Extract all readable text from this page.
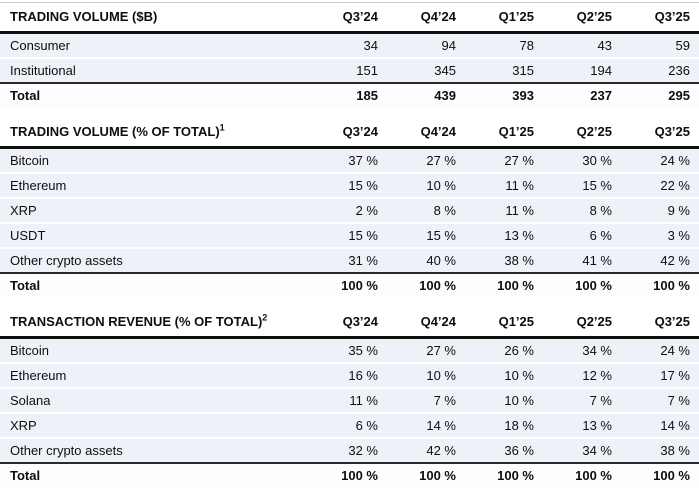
TRADING VOLUME ($B)	Q3’24	Q4’24	Q1’25	Q2’25	Q3’25
Consumer	34	94	78	43	59
Institutional	151	345	315	194	236
Total	185	439	393	237	295
TRADING VOLUME (% OF TOTAL)$^1$	Q3’24	Q4’24	Q1’25	Q2’25	Q3’25
Bitcoin	37 %	27 %	27 %	30 %	24 %
Ethereum	15 %	10 %	11 %	15 %	22 %
XRP	2 %	8 %	11 %	8 %	9 %
USDT	15 %	15 %	13 %	6 %	3 %
Other crypto assets	31 %	40 %	38 %	41 %	42 %
Total	100 %	100 %	100 %	100 %	100 %
TRANSACTION REVENUE (% OF TOTAL)$^2$	Q3’24	Q4’24	Q1’25	Q2’25	Q3’25
Bitcoin	35 %	27 %	26 %	34 %	24 %
Ethereum	16 %	10 %	10 %	12 %	17 %
Solana	11 %	7 %	10 %	7 %	7 %
XRP	6 %	14 %	18 %	13 %	14 %
Other crypto assets	32 %	42 %	36 %	34 %	38 %
Total	100 %	100 %	100 %	100 %	100 %
